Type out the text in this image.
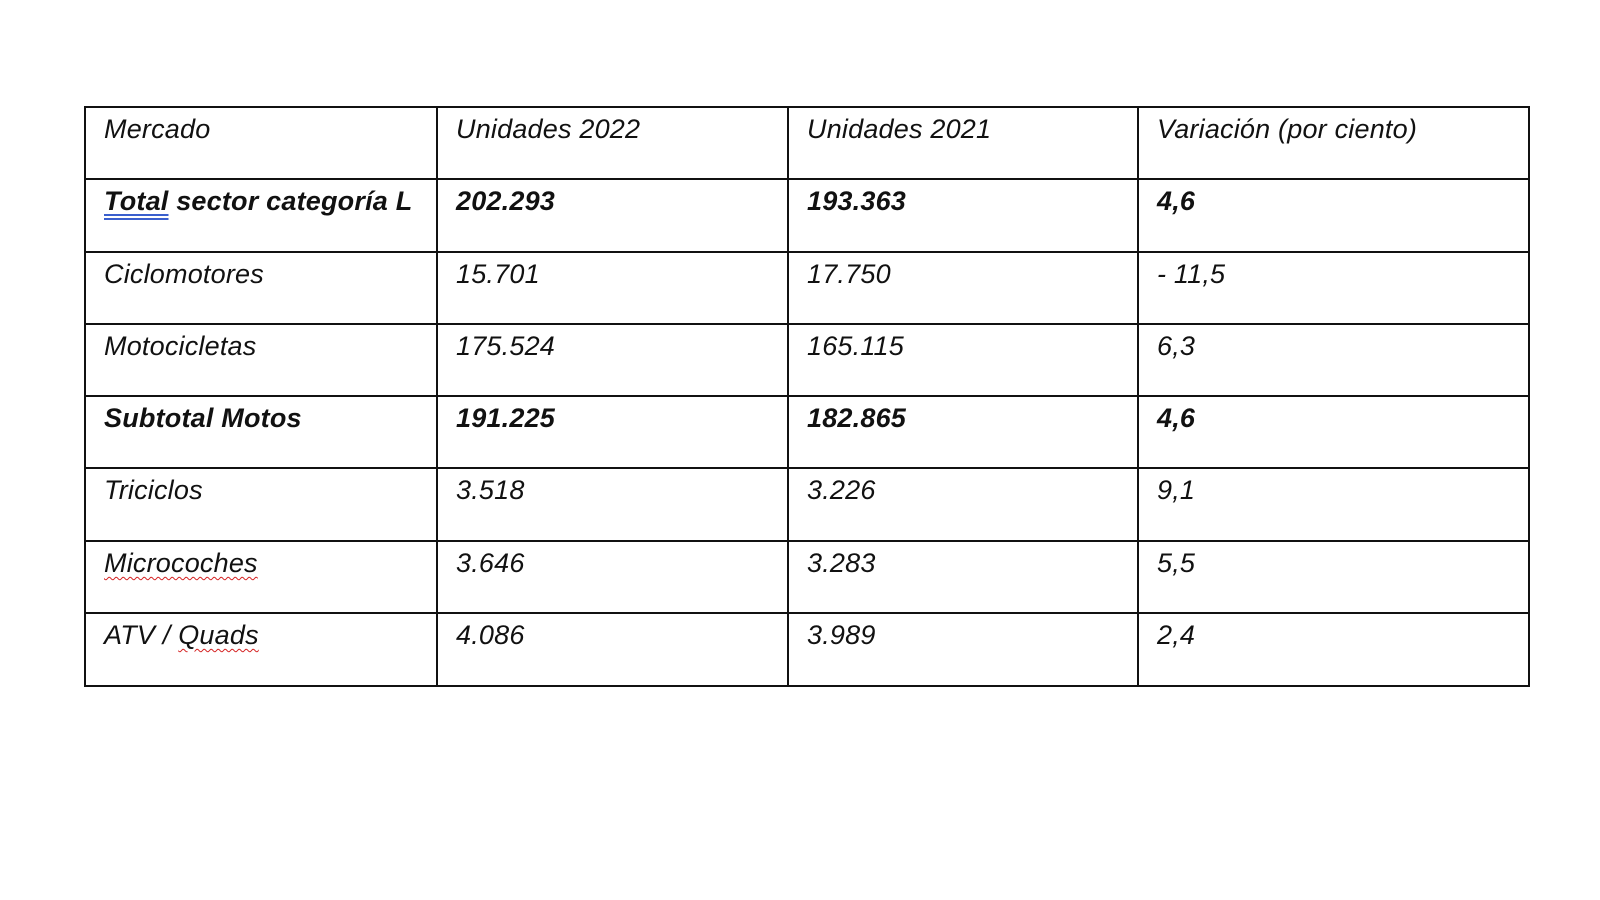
Mercado	Unidades 2022	Unidades 2021	Variación (por ciento)
Total sector categoría L	202.293	193.363	4,6
Ciclomotores	15.701	17.750	- 11,5
Motocicletas	175.524	165.115	6,3
Subtotal Motos	191.225	182.865	4,6
Triciclos	3.518	3.226	9,1
Microcoches	3.646	3.283	5,5
ATV / Quads	4.086	3.989	2,4
